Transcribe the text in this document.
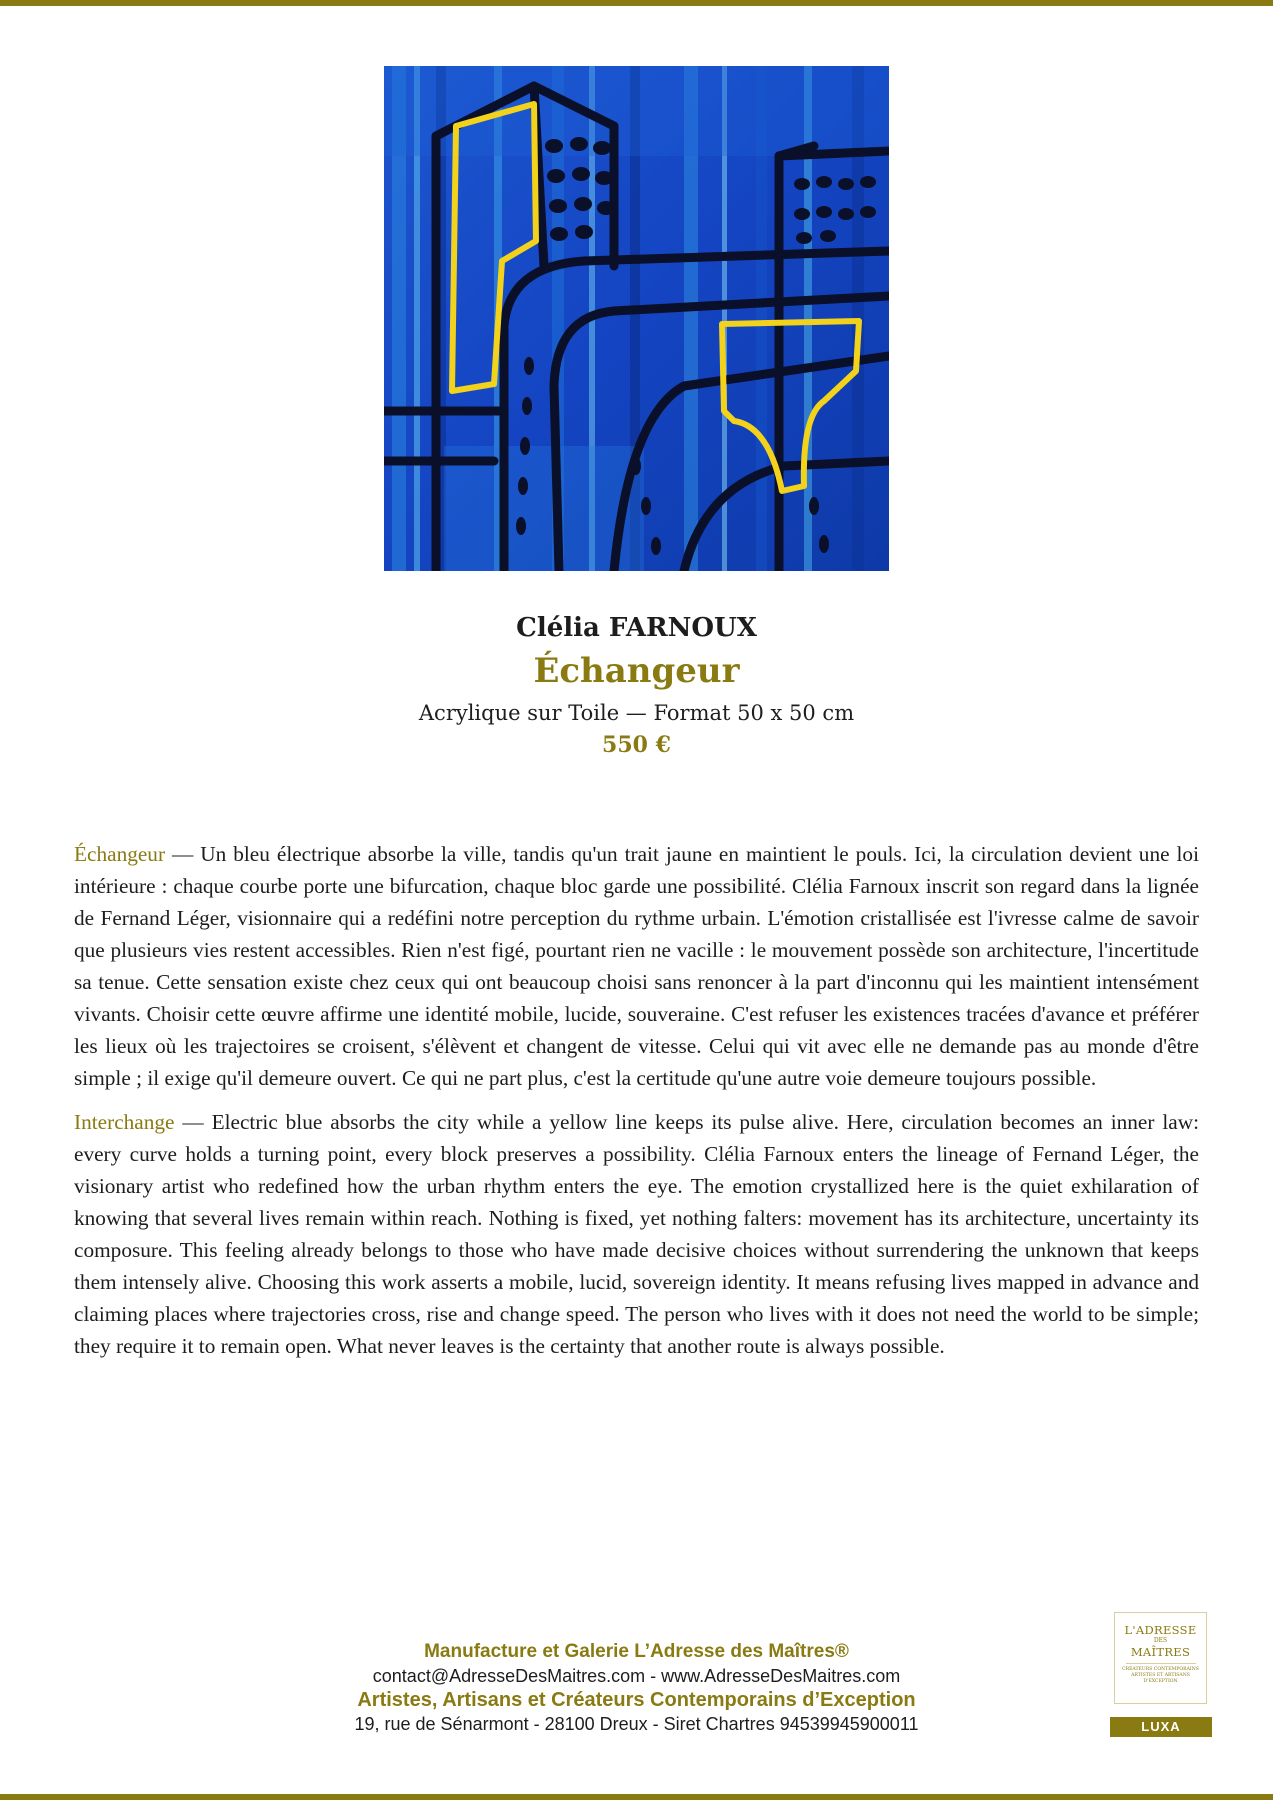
Clélia FARNOUX
Échangeur
Acrylique sur Toile — Format 50 x 50 cm
550 €

Échangeur — Un bleu électrique absorbe la ville, tandis qu'un trait jaune en maintient le pouls. Ici, la circulation devient une loi intérieure : chaque courbe porte une bifurcation, chaque bloc garde une possibilité. Clélia Farnoux inscrit son regard dans la lignée de Fernand Léger, visionnaire qui a redéfini notre perception du rythme urbain. L'émotion cristallisée est l'ivresse calme de savoir que plusieurs vies restent accessibles. Rien n'est figé, pourtant rien ne vacille : le mouvement possède son architecture, l'incertitude sa tenue. Cette sensation existe chez ceux qui ont beaucoup choisi sans renoncer à la part d'inconnu qui les maintient intensément vivants. Choisir cette œuvre affirme une identité mobile, lucide, souveraine. C'est refuser les existences tracées d'avance et préférer les lieux où les trajectoires se croisent, s'élèvent et changent de vitesse. Celui qui vit avec elle ne demande pas au monde d'être simple ; il exige qu'il demeure ouvert. Ce qui ne part plus, c'est la certitude qu'une autre voie demeure toujours possible.

Interchange — Electric blue absorbs the city while a yellow line keeps its pulse alive. Here, circulation becomes an inner law: every curve holds a turning point, every block preserves a possibility. Clélia Farnoux enters the lineage of Fernand Léger, the visionary artist who redefined how the urban rhythm enters the eye. The emotion crystallized here is the quiet exhilaration of knowing that several lives remain within reach. Nothing is fixed, yet nothing falters: movement has its architecture, uncertainty its composure. This feeling already belongs to those who have made decisive choices without surrendering the unknown that keeps them intensely alive. Choosing this work asserts a mobile, lucid, sovereign identity. It means refusing lives mapped in advance and claiming places where trajectories cross, rise and change speed. The person who lives with it does not need the world to be simple; they require it to remain open. What never leaves is the certainty that another route is always possible.

Manufacture et Galerie L’Adresse des Maîtres®
contact@AdresseDesMaitres.com - www.AdresseDesMaitres.com
Artistes, Artisans et Créateurs Contemporains d’Exception
19, rue de Sénarmont - 28100 Dreux - Siret Chartres 94539945900011
L'ADRESSE
DES
MAÎTRES
CRÉATEURS CONTEMPORAINS ARTISTES ET ARTISANS D'EXCEPTION
LUXA
